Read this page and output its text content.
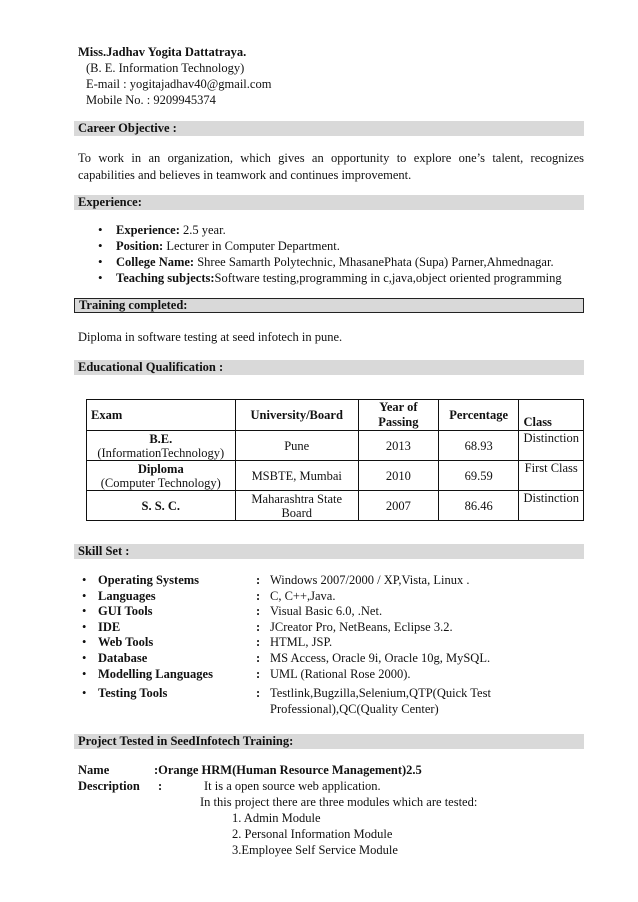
Miss.Jadhav Yogita Dattatraya.
(B. E. Information Technology)
E-mail : yogitajadhav40@gmail.com
Mobile No. : 9209945374
Career Objective :
To work in an organization, which gives an opportunity to explore one’s talent, recognizes capabilities and believes in teamwork and continues improvement.
Experience:
• Experience: 2.5 year.
• Position: Lecturer in Computer Department.
• College Name: Shree Samarth Polytechnic, MhasanePhata (Supa) Parner,Ahmednagar.
• Teaching subjects:Software testing,programming in c,java,object oriented programming
Training completed:
Diploma in software testing at seed infotech in pune.
Educational Qualification :
Exam	University/Board	Year of Passing	Percentage	Class
B.E.
(InformationTechnology)	Pune	2013	68.93	Distinction
Diploma
(Computer Technology)	MSBTE, Mumbai	2010	69.59	First Class
S. S. C.	Maharashtra State Board	2007	86.46	Distinction
Skill Set :
• Operating Systems	: Windows 2007/2000 / XP,Vista, Linux .
• Languages	: C, C++,Java.
• GUI Tools	: Visual Basic 6.0, .Net.
• IDE	: JCreator Pro, NetBeans, Eclipse 3.2.
• Web Tools	: HTML, JSP.
• Database	: MS Access, Oracle 9i, Oracle 10g, MySQL.
• Modelling Languages	: UML (Rational Rose 2000).
• Testing Tools	: Testlink,Bugzilla,Selenium,QTP(Quick Test
Professional),QC(Quality Center)
Project Tested in SeedInfotech Training:
Name	:Orange HRM(Human Resource Management)2.5
Description :	It is a open source web application.
In this project there are three modules which are tested:
1. Admin Module
2. Personal Information Module
3.Employee Self Service Module
